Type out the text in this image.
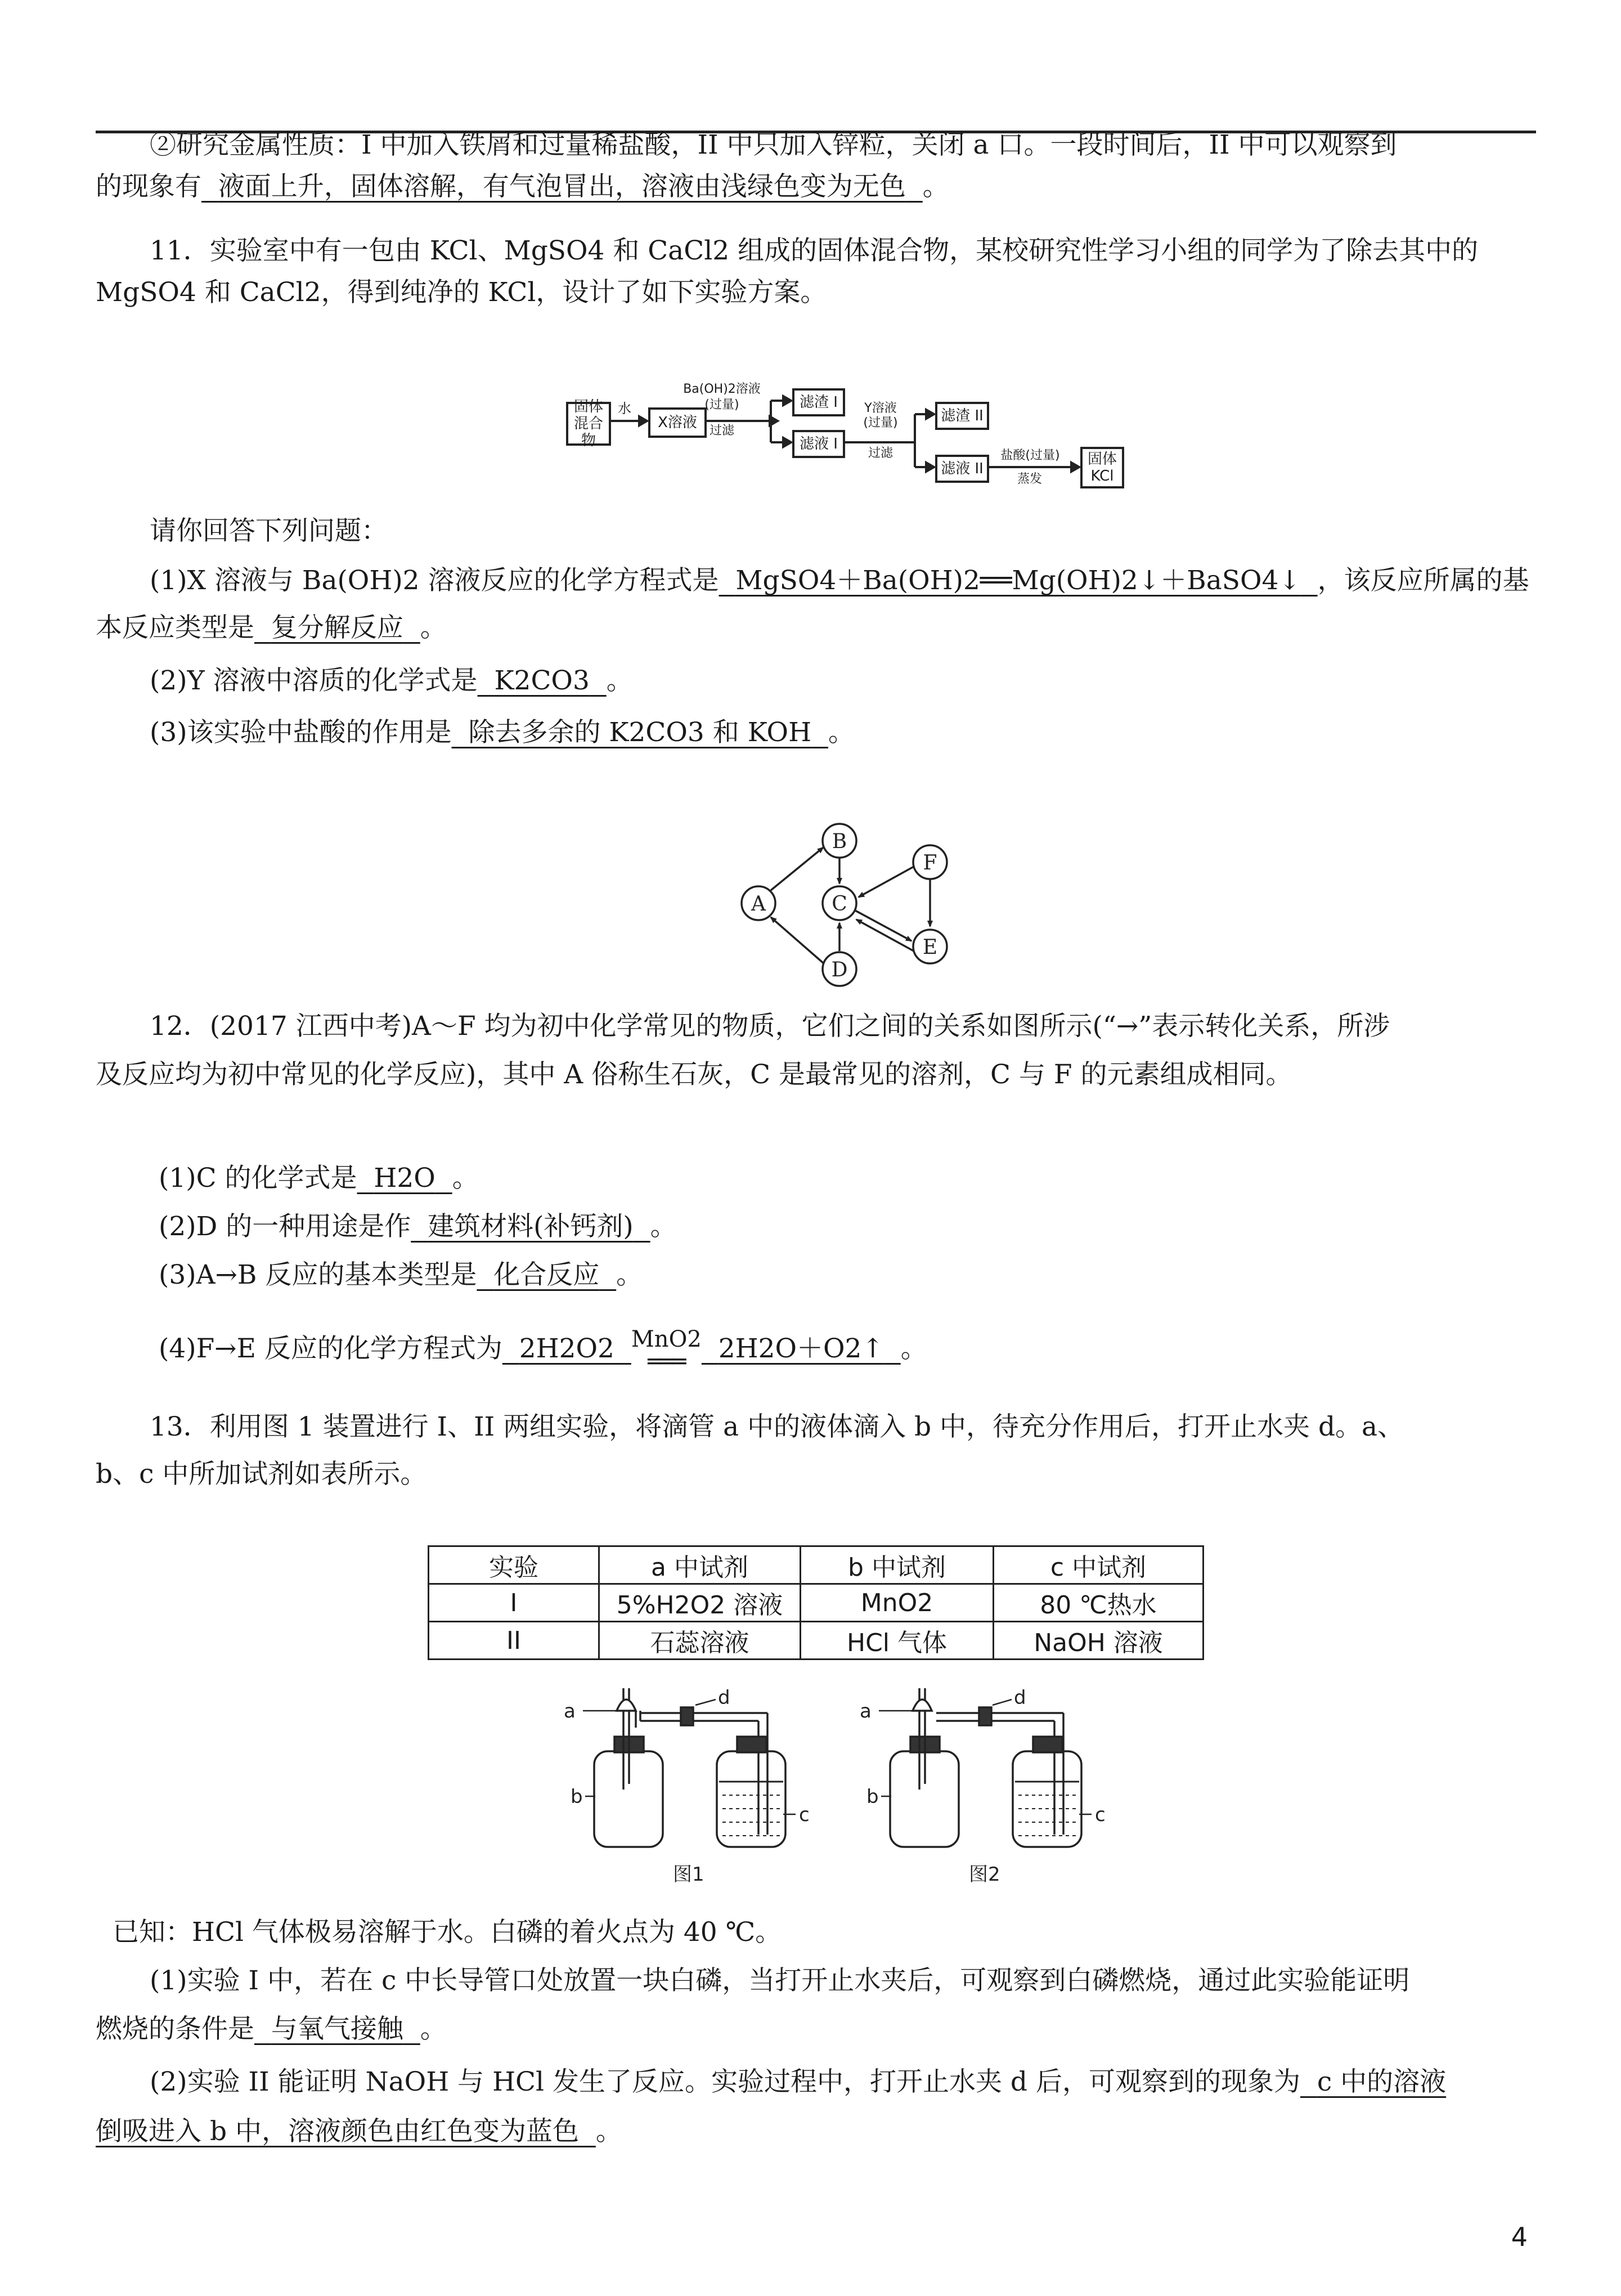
②研究金属性质：I 中加入铁屑和过量稀盐酸，II 中只加入锌粒，关闭 a 口。一段时间后，II 中可以观察到
的现象有 液面上升，固体溶解，有气泡冒出，溶液由浅绿色变为无色 。
11．实验室中有一包由 KCl、MgSO4 和 CaCl2 组成的固体混合物，某校研究性学习小组的同学为了除去其中的
MgSO4 和 CaCl2，得到纯净的 KCl，设计了如下实验方案。
固体混合物
水
X溶液
Ba(OH)2溶液
(过量)
过滤
滤渣 I
滤液 I
Y溶液
(过量)
过滤
滤渣 II
滤液 II
盐酸(过量)
蒸发
固体KCl
请你回答下列问题：
(1)X 溶液与 Ba(OH)2 溶液反应的化学方程式是 MgSO4＋Ba(OH)2══Mg(OH)2↓＋BaSO4↓ ，该反应所属的基
本反应类型是 复分解反应 。
(2)Y 溶液中溶质的化学式是 K2CO3 。
(3)该实验中盐酸的作用是 除去多余的 K2CO3 和 KOH 。
B
F
A	C
E
D
12．(2017 江西中考)A～F 均为初中化学常见的物质，它们之间的关系如图所示(“→”表示转化关系，所涉
及反应均为初中常见的化学反应)，其中 A 俗称生石灰，C 是最常见的溶剂，C 与 F 的元素组成相同。
(1)C 的化学式是 H2O 。
(2)D 的一种用途是作 建筑材料(补钙剂) 。
(3)A→B 反应的基本类型是 化合反应 。
(4)F→E 反应的化学方程式为 2H2O2 MnO2
═══	2H2O＋O2↑ 。
13．利用图 1 装置进行 I、II 两组实验，将滴管 a 中的液体滴入 b 中，待充分作用后，打开止水夹 d。a、
b、c 中所加试剂如表所示。
实验	a 中试剂	b 中试剂	c 中试剂
I	5%H2O2 溶液	MnO2	80 ℃热水
II	石蕊溶液	HCl 气体	NaOH 溶液
a
d
b
c
图1
a
d
b
c
图2
已知：HCl 气体极易溶解于水。白磷的着火点为 40 ℃。
(1)实验 I 中，若在 c 中长导管口处放置一块白磷，当打开止水夹后，可观察到白磷燃烧，通过此实验能证明
燃烧的条件是 与氧气接触 。
(2)实验 II 能证明 NaOH 与 HCl 发生了反应。实验过程中，打开止水夹 d 后，可观察到的现象为 c 中的溶液
倒吸进入 b 中，溶液颜色由红色变为蓝色 。
4
